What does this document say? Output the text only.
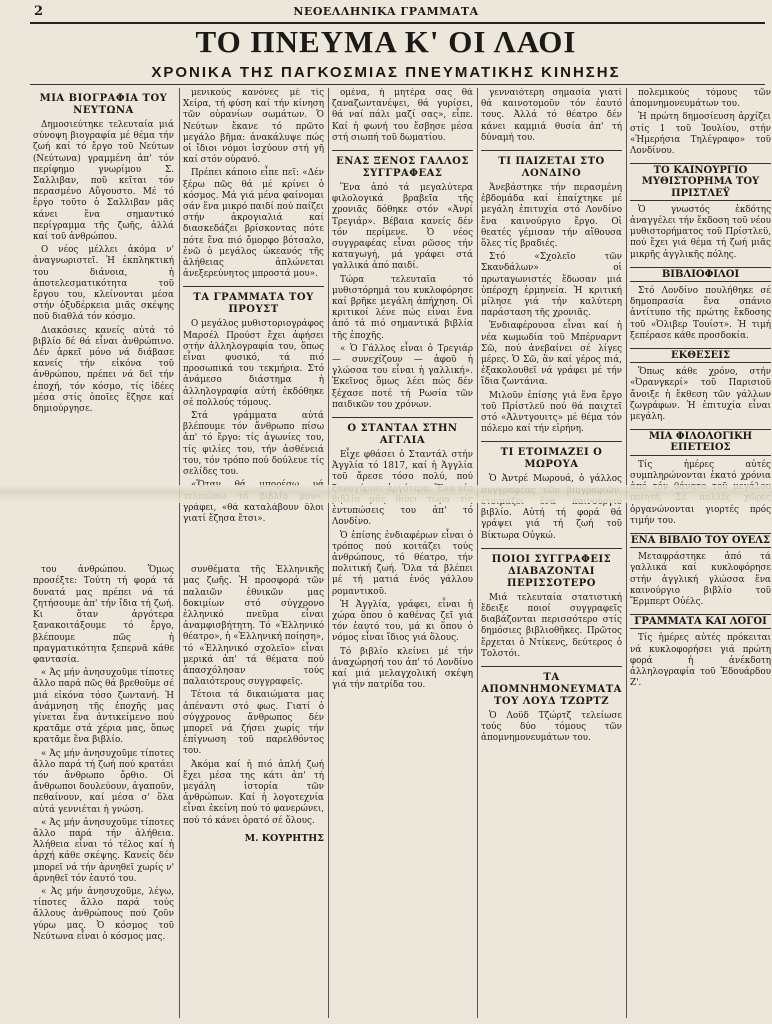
2	ΝΕΟΕΛΛΗΝΙΚΑ ΓΡΑΜΜΑΤΑ
ΤΟ ΠΝΕΥΜΑ Κ' ΟΙ ΛΑΟΙ
ΧΡΟΝΙΚΑ ΤΗΣ ΠΑΓΚΟΣΜΙΑΣ ΠΝΕΥΜΑΤΙΚΗΣ ΚΙΝΗΣΗΣ
ΜΙΑ ΒΙΟΓΡΑΦΙΑ ΤΟΥ ΝΕΥΤΩΝΑ

Δημοσιεύτηκε τελευταία μιά σύνοψη βιογραφία μέ θέμα τήν ζωή καί τό ἔργο τοῦ Νεύτων (Νεύτωνα) γραμμένη ἀπ' τόν περίφημο γνωρίμου Σ. Σαλλιβαν, ποῦ κεῖται τόν περασμένο Αὔγουστο. Μέ τό ἔργο τοῦτο ὁ Σαλλιβαν μᾶς κάνει ἕνα σημαντικό περίγραμμα τῆς ζωῆς, ἀλλά καί τοῦ ἀνθρώπου.

Ο νέος μέλλει ἀκόμα ν' ἀναγνωριστεῖ. Ἡ ἐκπληκτική του διάνοια, ἡ ἀποτελεσματικότητα τοῦ ἔργου του, κλείνονται μέσα στήν ὀξυδέρκεια μιᾶς σκέψης ποῦ διαθλά τόν κόσμο.

Διακόσιες κανείς αὐτά τό βιβλίο δέ θά εἶναι ἀνθρώπινο. Δέν ἀρκεῖ μόνο νά διάβασε κανείς τήν εἰκόνα τοῦ ἀνθρώπου, πρέπει νά δεῖ τήν ἐποχή, τόν κόσμο, τίς ἰδέες μέσα στίς ὁποῖες ἔζησε καί δημιούργησε.

του ἀνθρώπου. Ὅμως προσέξτε: Τούτη τή φορά τά δυνατά μας πρέπει νά τά ζητήσουμε ἀπ' τήν ἴδια τή ζωή. Κι ὅταν ἀργότερα ξανακοιτάξουμε τό ἔργο, βλέπουμε πῶς ἡ πραγματικότητα ξεπερνᾶ κάθε φαντασία.

« Ἀς μήν ἀνησυχοῦμε τίποτες ἄλλο παρά πῶς θά βρεθοῦμε σέ μιά εἰκόνα τόσο ζωντανή. Ἡ ἀνάμνηση τῆς ἐποχῆς μας γίνεται ἕνα ἀντικείμενο πού κρατᾶμε στά χέρια μας, ὅπως κρατᾶμε ἕνα βιβλίο.

« Ἀς μήν ἀνησυχοῦμε τίποτες ἄλλο παρά τή ζωή πού κρατάει τόν ἄνθρωπο ὄρθιο. Οἱ ἄνθρωποι δουλεύουν, ἀγαποῦν, πεθαίνουν, καί μέσα σ' ὅλα αὐτά γεννιέται ἡ γνώση.

« Ἀς μήν ἀνησυχοῦμε τίποτες ἄλλο παρά τήν ἀλήθεια. Ἀλήθεια εἶναι τό τέλος καί ἡ ἀρχή κάθε σκέψης. Κανείς δέν μπορεῖ νά τήν ἀρνηθεῖ χωρίς ν' ἀρνηθεῖ τόν ἑαυτό του.

« Ἀς μήν ἀνησυχοῦμε, λέγω, τίποτες ἄλλο παρά τούς ἄλλους ἀνθρώπους πού ζοῦν γύρω μας. Ὁ κόσμος τοῦ Νεύτωνα εἶναι ὁ κόσμος μας.

μενικούς κανόνες μέ τίς Χείρα, τή φύση καί τήν κίνηση τῶν οὐρανίων σωμάτων. Ὁ Νεύτων ἔκανε τό πρῶτο μεγάλο βῆμα: ἀνακάλυψε πώς οἱ ἴδιοι νόμοι ἰσχύουν στή γῆ καί στόν οὐρανό.

Πρέπει κάποιο εἶπε πεῖ: «Δέν ξέρω πῶς θά μέ κρίνει ὁ κόσμος. Μά γιά μένα φαίνομαι σάν ἕνα μικρό παιδί πού παίζει στήν ἀκρογιαλιά καί διασκεδάζει βρίσκοντας πότε πότε ἕνα πιό ὄμορφο βότσαλο, ἐνῶ ὁ μεγάλος ὠκεανός τῆς ἀλήθειας ἁπλώνεται ἀνεξερεύνητος μπροστά μου».

ΤΑ ΓΡΑΜΜΑΤΑ ΤΟΥ ΠΡΟΥΣΤ

Ο μεγάλος μυθιστοριογράφος Μαρσέλ Προύστ ἔχει ἀφήσει στήν ἀλληλογραφία του, ὅπως εἶναι φυσικό, τά πιό προσωπικά του τεκμήρια. Στό ἀνάμεσο διάστημα ἡ ἀλληλογραφία αὐτή ἐκδόθηκε σέ πολλούς τόμους.

Στά γράμματα αὐτά βλέπουμε τόν ἄνθρωπο πίσω ἀπ' τό ἔργο: τίς ἀγωνίες του, τίς φιλίες του, τήν ἀσθένειά του, τόν τρόπο πού δούλευε τίς σελίδες του.

γράφει, «θά καταλάβουν ὅλοι γιατί ἔζησα ἔτσι».

συνθέματα τῆς Ἑλληνικῆς μας ζωῆς. Ἡ προσφορά τῶν παλαιῶν ἐθνικῶν μας δοκιμίων στό σύγχρονο ἑλληνικό πνεῦμα εἶναι ἀναμφισβήτητη. Τό «Ἑλληνικό θέατρο», ἡ «Ἑλληνική ποίηση», τό «Ἑλληνικό σχολεῖο» εἶναι μερικά ἀπ' τά θέματα πού ἀπασχόλησαν τούς παλαιότερους συγγραφεῖς.

Τέτοια τά δικαιώματα μας ἀπέναντι στό φως. Γιατί ὁ σύγχρονος ἄνθρωπος δέν μπορεῖ νά ζήσει χωρίς τήν ἐπίγνωση τοῦ παρελθόντος του.

Ἀκόμα καί ἡ πιό ἁπλή ζωή ἔχει μέσα της κάτι ἀπ' τή μεγάλη ἱστορία τῶν ἀνθρώπων. Καί ἡ λογοτεχνία εἶναι ἐκείνη πού τό φανερώνει, πού τό κάνει ὁρατό σέ ὅλους.

Μ. ΚΟΥΡΗΤΗΣ

ομένα, ἡ μητέρα σας θά ζαναζωντανέψει, θά γυρίσει, θά ναί πάλι μαζί σας», εἶπε. Καί ἡ φωνή του ἔσβησε μέσα στή σιωπή τοῦ δωματίου.

ΕΝΑΣ ΞΕΝΟΣ ΓΑΛΛΟΣ ΣΥΓΓΡΑΦΕΑΣ

Ἕνα ἀπό τά μεγαλύτερα φιλολογικά βραβεῖα τῆς χρονιᾶς δόθηκε στόν «Ἀνρί Τρεγιάρ». Βέβαια κανείς δέν τόν περίμενε. Ὁ νέος συγγραφέας εἶναι ρῶσος τήν καταγωγή, μά γράφει στά γαλλικά ἀπό παιδί.

Τώρα τελευταῖα τό μυθιστόρημά του κυκλοφόρησε καί βρῆκε μεγάλη ἀπήχηση. Οἱ κριτικοί λένε πώς εἶναι ἕνα ἀπό τά πιό σημαντικά βιβλία τῆς ἐποχῆς.

« Ὁ Γάλλος εἶναι ὁ Τρεγιάρ — συνεχίζουν — ἀφοῦ ἡ γλώσσα του εἶναι ἡ γαλλική». Ἐκεῖνος ὅμως λέει πώς δέν ξέχασε ποτέ τή Ρωσία τῶν παιδικῶν του χρόνων.

Ο ΣΤΑΝΤΑΛ ΣΤΗΝ ΑΓΓΛΙΑ

Εἶχε φθάσει ὁ Σταντάλ στήν Ἀγγλία τό 1817, καί ἡ Ἀγγλία τοῦ ἄρεσε τόσο πολύ, πού ἐντυπώσεις του ἀπ' τό Λονδίνο.

Ὁ ἐπίσης ἐνδιαφέρων εἶναι ὁ τρόπος πού κοιτάζει τούς ἀνθρώπους, τό θέατρο, τήν πολιτική ζωή. Ὅλα τά βλέπει μέ τή ματιά ἑνός γάλλου ρομαντικοῦ.

Ἡ Ἀγγλία, γράφει, εἶναι ἡ χώρα ὅπου ὁ καθένας ζεῖ γιά τόν ἑαυτό του, μά κι ὅπου ὁ νόμος εἶναι ἴδιος γιά ὅλους.

Τό βιβλίο κλείνει μέ τήν ἀναχώρησή του ἀπ' τό Λονδίνο καί μιά μελαγχολική σκέψη γιά τήν πατρίδα του.

γενναιότερη σημασία γιατί θά καινοτομοῦν τόν ἑαυτό τους. Ἀλλά τό θέατρο δέν κάνει καμμιά θυσία ἀπ' τή δύναμή του.

ΤΙ ΠΑΙΖΕΤΑΙ ΣΤΟ ΛΟΝΔΙΝΟ

Ἀνεβάστηκε τήν περασμένη ἑβδομάδα καί ἐπαίχτηκε μέ μεγάλη ἐπιτυχία στό Λονδίνο ἕνα καινούργιο ἔργο. Οἱ θεατές γέμισαν τήν αἴθουσα ὅλες τίς βραδιές.

Στό «Σχολεῖο τῶν Σκανδάλων» οἱ πρωταγωνιστές ἔδωσαν μιά ὑπέροχη ἑρμηνεία. Ἡ κριτική μίλησε γιά τήν καλύτερη παράσταση τῆς χρονιᾶς.

Ἐνδιαφέρουσα εἶναι καί ἡ νέα κωμωδία τοῦ Μπέρναρντ Σῶ, πού ἀνεβαίνει σέ λίγες μέρες. Ὁ Σῶ, ἂν καί γέρος πιά, ἐξακολουθεῖ νά γράφει μέ τήν ἴδια ζωντάνια.

Μιλοῦν ἐπίσης γιά ἕνα ἔργο τοῦ Πρίστλεϋ πού θά παιχτεῖ στό «Ἀλντγουιτς» μέ θέμα τόν πόλεμο καί τήν εἰρήνη.

ΤΙ ΕΤΟΙΜΑΖΕΙ Ο ΜΩΡΟΥΑ

Ὁ Ἀντρέ Μωρουά, ὁ γάλλος βιβλίο. Αὐτή τή φορά θά γράψει γιά τή ζωή τοῦ Βίκτωρα Οὐγκώ.

ΠΟΙΟΙ ΣΥΓΓΡΑΦΕΙΣ ΔΙΑΒΑΖΟΝΤΑΙ ΠΕΡΙΣΣΟΤΕΡΟ

Μιά τελευταία στατιστική ἔδειξε ποιοί συγγραφεῖς διαβάζονται περισσότερο στίς δημόσιες βιβλιοθῆκες. Πρῶτος ἔρχεται ὁ Ντίκενς, δεύτερος ὁ Τολστόι.

ΤΑ ΑΠΟΜΝΗΜΟΝΕΥΜΑΤΑ ΤΟΥ ΛΟΥΔ ΤΖΩΡΤΖ

Ὁ Λοϋδ Τζώρτζ τελείωσε τούς δύο τόμους τῶν ἀπομνημονευμάτων του.

πολεμικούς τόμους τῶν ἀπομνημονευμάτων του.

Ἡ πρώτη δημοσίευση ἀρχίζει στίς 1 τοῦ Ἰουλίου, στήν «Ἡμερήσια Τηλέγραφο» τοῦ Λονδίνου.

ΤΟ ΚΑΙΝΟΥΡΓΙΟ ΜΥΘΙΣΤΟΡΗΜΑ ΤΟΥ ΠΡΙΣΤΛΕΫ

Ὁ γνωστός ἐκδότης ἀναγγέλει τήν ἔκδοση τοῦ νέου μυθιστορήματος τοῦ Πρίστλεϋ, πού ἔχει γιά θέμα τή ζωή μιᾶς μικρῆς ἀγγλικῆς πόλης.

ΒΙΒΛΙΟΦΙΛΟΙ

Στό Λονδίνο πουλήθηκε σέ δημοπρασία ἕνα σπάνιο ἀντίτυπο τῆς πρώτης ἔκδοσης τοῦ «Ὀλιβερ Τουίστ». Ἡ τιμή ξεπέρασε κάθε προσδοκία.

ΕΚΘΕΣΕΙΣ

Ὅπως κάθε χρόνο, στήν «Ὀρανγκερί» τοῦ Παρισιοῦ ἄνοιξε ἡ ἔκθεση τῶν γάλλων ζωγράφων. Ἡ ἐπιτυχία εἶναι μεγάλη.

ΜΙΑ ΦΙΛΟΛΟΓΙΚΗ ΕΠΕΤΕΙΟΣ

Τίς ἡμέρες αὐτές συμπληρώνονται ἑκατό χρόνια ὀργανώνονται γιορτές πρός τιμήν του.

ΕΝΑ ΒΙΒΛΙΟ ΤΟΥ ΟΥΕΛΣ

Μεταφράστηκε ἀπό τά γαλλικά καί κυκλοφόρησε στήν ἀγγλική γλώσσα ἕνα καινούργιο βιβλίο τοῦ Ἔρμπερτ Οὐέλς.

ΓΡΑΜΜΑΤΑ ΚΑΙ ΛΟΓΟΙ

Τίς ἡμέρες αὐτές πρόκειται νά κυκλοφορήσει γιά πρώτη φορά ἡ ἀνέκδοτη ἀλληλογραφία τοῦ Ἐδουάρδου Ζ'.
